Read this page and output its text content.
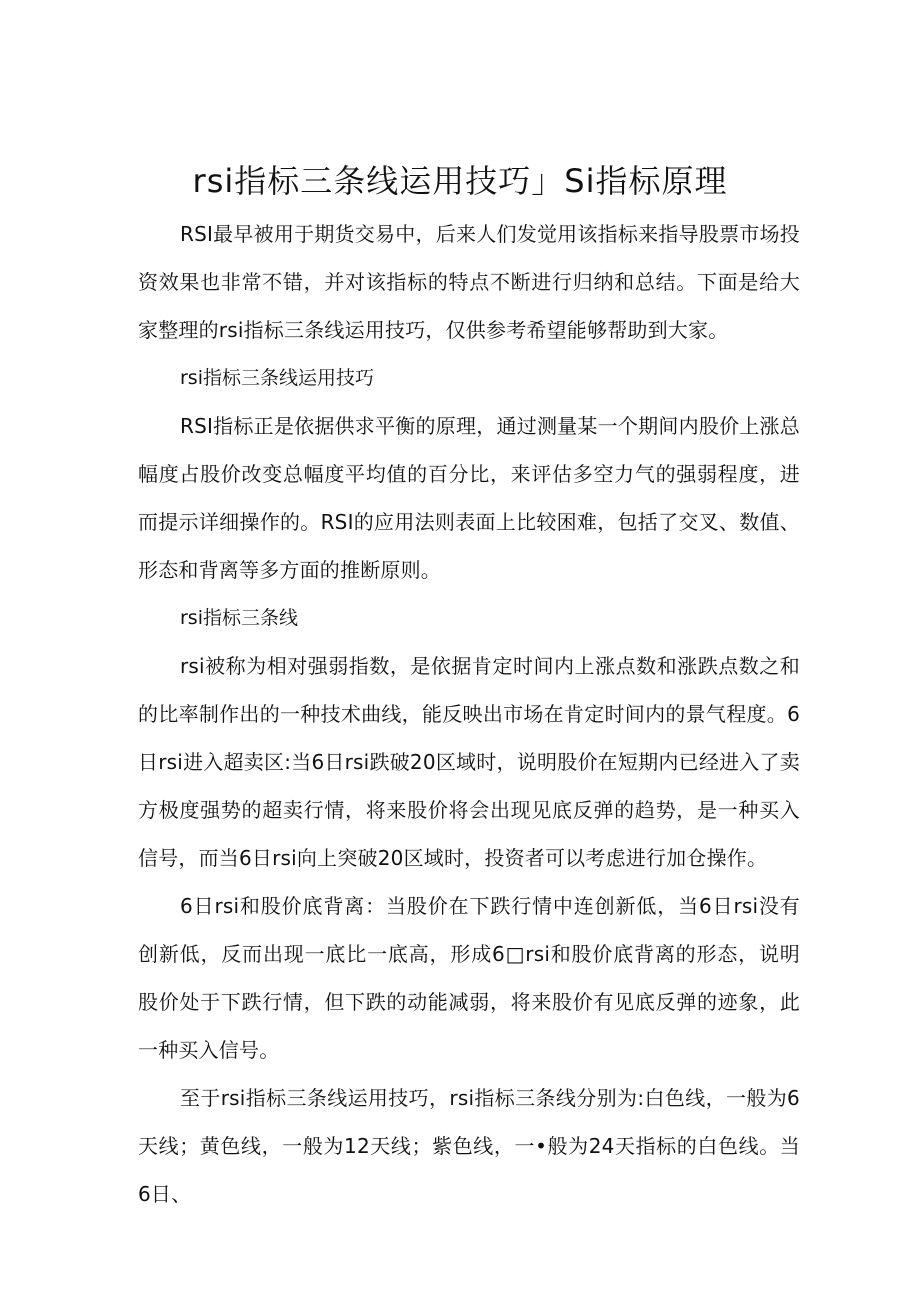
rsi指标三条线运用技巧」Si指标原理

RSI最早被用于期货交易中，后来人们发觉用该指标来指导股票市场投资效果也非常不错，并对该指标的特点不断进行归纳和总结。下面是给大家整理的rsi指标三条线运用技巧，仅供参考希望能够帮助到大家。

rsi指标三条线运用技巧

RSI指标正是依据供求平衡的原理，通过测量某一个期间内股价上涨总幅度占股价改变总幅度平均值的百分比，来评估多空力气的强弱程度，进而提示详细操作的。RSI的应用法则表面上比较困难，包括了交叉、数值、形态和背离等多方面的推断原则。

rsi指标三条线

rsi被称为相对强弱指数，是依据肯定时间内上涨点数和涨跌点数之和的比率制作出的一种技术曲线，能反映出市场在肯定时间内的景气程度。6日rsi进入超卖区:当6日rsi跌破20区域时，说明股价在短期内已经进入了卖方极度强势的超卖行情，将来股价将会出现见底反弹的趋势，是一种买入信号，而当6日rsi向上突破20区域时，投资者可以考虑进行加仓操作。

6日rsi和股价底背离：当股价在下跌行情中连创新低，当6日rsi没有创新低，反而出现一底比一底高，形成6□rsi和股价底背离的形态，说明股价处于下跌行情，但下跌的动能减弱，将来股价有见底反弹的迹象，此一种买入信号。

至于rsi指标三条线运用技巧，rsi指标三条线分别为:白色线，一般为6天线；黄色线，一般为12天线；紫色线，一•般为24天指标的白色线。当6日、
